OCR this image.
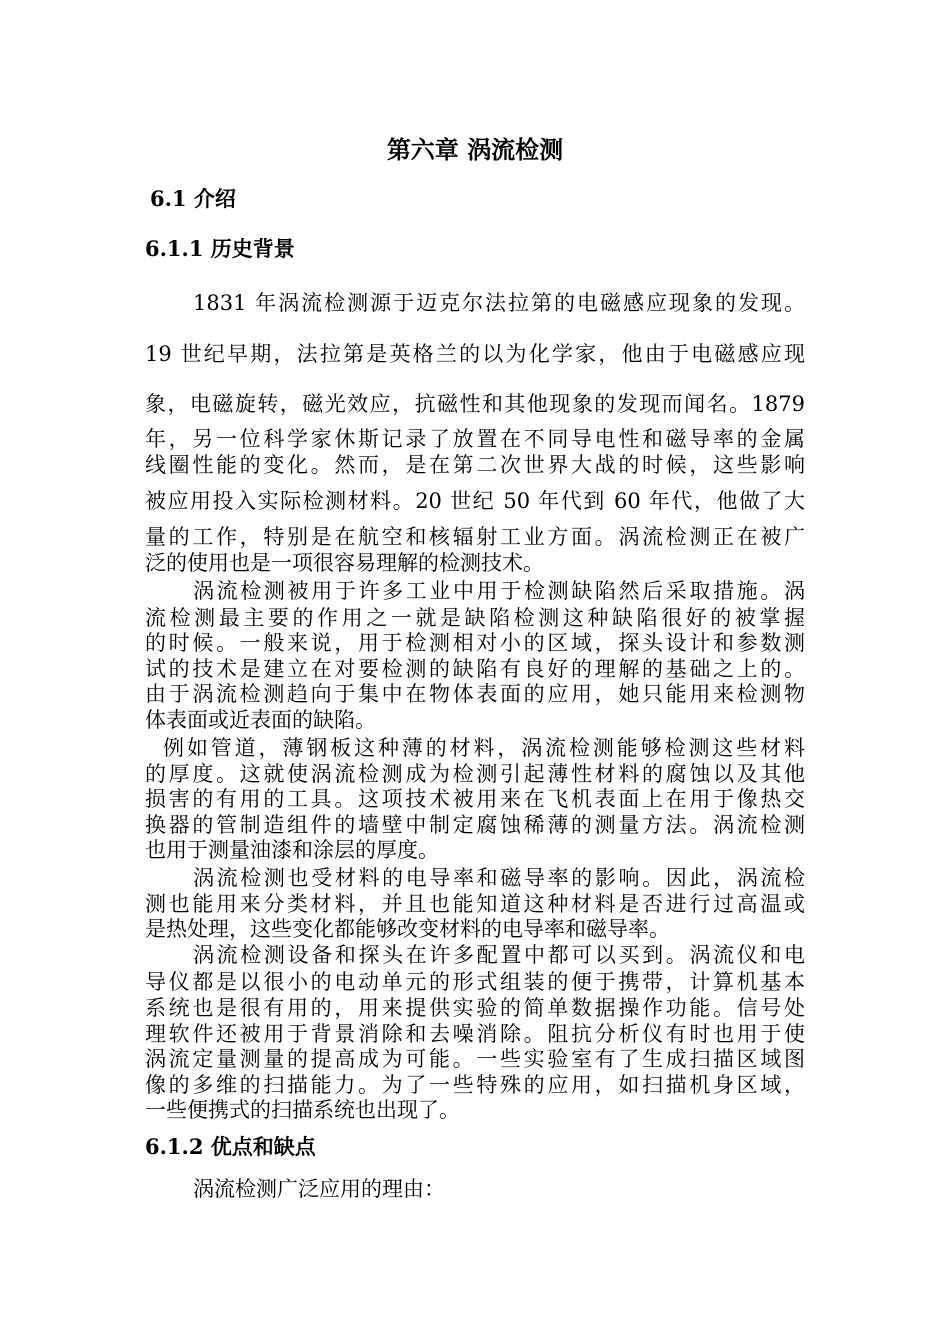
第六章 涡流检测
6.1 介绍
6.1.1 历史背景
1831 年涡流检测源于迈克尔法拉第的电磁感应现象的发现。
19 世纪早期，法拉第是英格兰的以为化学家，他由于电磁感应现
象，电磁旋转，磁光效应，抗磁性和其他现象的发现而闻名。1879
年，另一位科学家休斯记录了放置在不同导电性和磁导率的金属
线圈性能的变化。然而，是在第二次世界大战的时候，这些影响
被应用投入实际检测材料。20 世纪 50 年代到 60 年代，他做了大
量的工作，特别是在航空和核辐射工业方面。涡流检测正在被广
泛的使用也是一项很容易理解的检测技术。
涡流检测被用于许多工业中用于检测缺陷然后采取措施。涡
流检测最主要的作用之一就是缺陷检测这种缺陷很好的被掌握
的时候。一般来说，用于检测相对小的区域，探头设计和参数测
试的技术是建立在对要检测的缺陷有良好的理解的基础之上的。
由于涡流检测趋向于集中在物体表面的应用，她只能用来检测物
体表面或近表面的缺陷。
例如管道，薄钢板这种薄的材料，涡流检测能够检测这些材料
的厚度。这就使涡流检测成为检测引起薄性材料的腐蚀以及其他
损害的有用的工具。这项技术被用来在飞机表面上在用于像热交
换器的管制造组件的墙壁中制定腐蚀稀薄的测量方法。涡流检测
也用于测量油漆和涂层的厚度。
涡流检测也受材料的电导率和磁导率的影响。因此，涡流检
测也能用来分类材料，并且也能知道这种材料是否进行过高温或
是热处理，这些变化都能够改变材料的电导率和磁导率。
涡流检测设备和探头在许多配置中都可以买到。涡流仪和电
导仪都是以很小的电动单元的形式组装的便于携带，计算机基本
系统也是很有用的，用来提供实验的简单数据操作功能。信号处
理软件还被用于背景消除和去噪消除。阻抗分析仪有时也用于使
涡流定量测量的提高成为可能。一些实验室有了生成扫描区域图
像的多维的扫描能力。为了一些特殊的应用，如扫描机身区域，
一些便携式的扫描系统也出现了。
6.1.2 优点和缺点
涡流检测广泛应用的理由：
